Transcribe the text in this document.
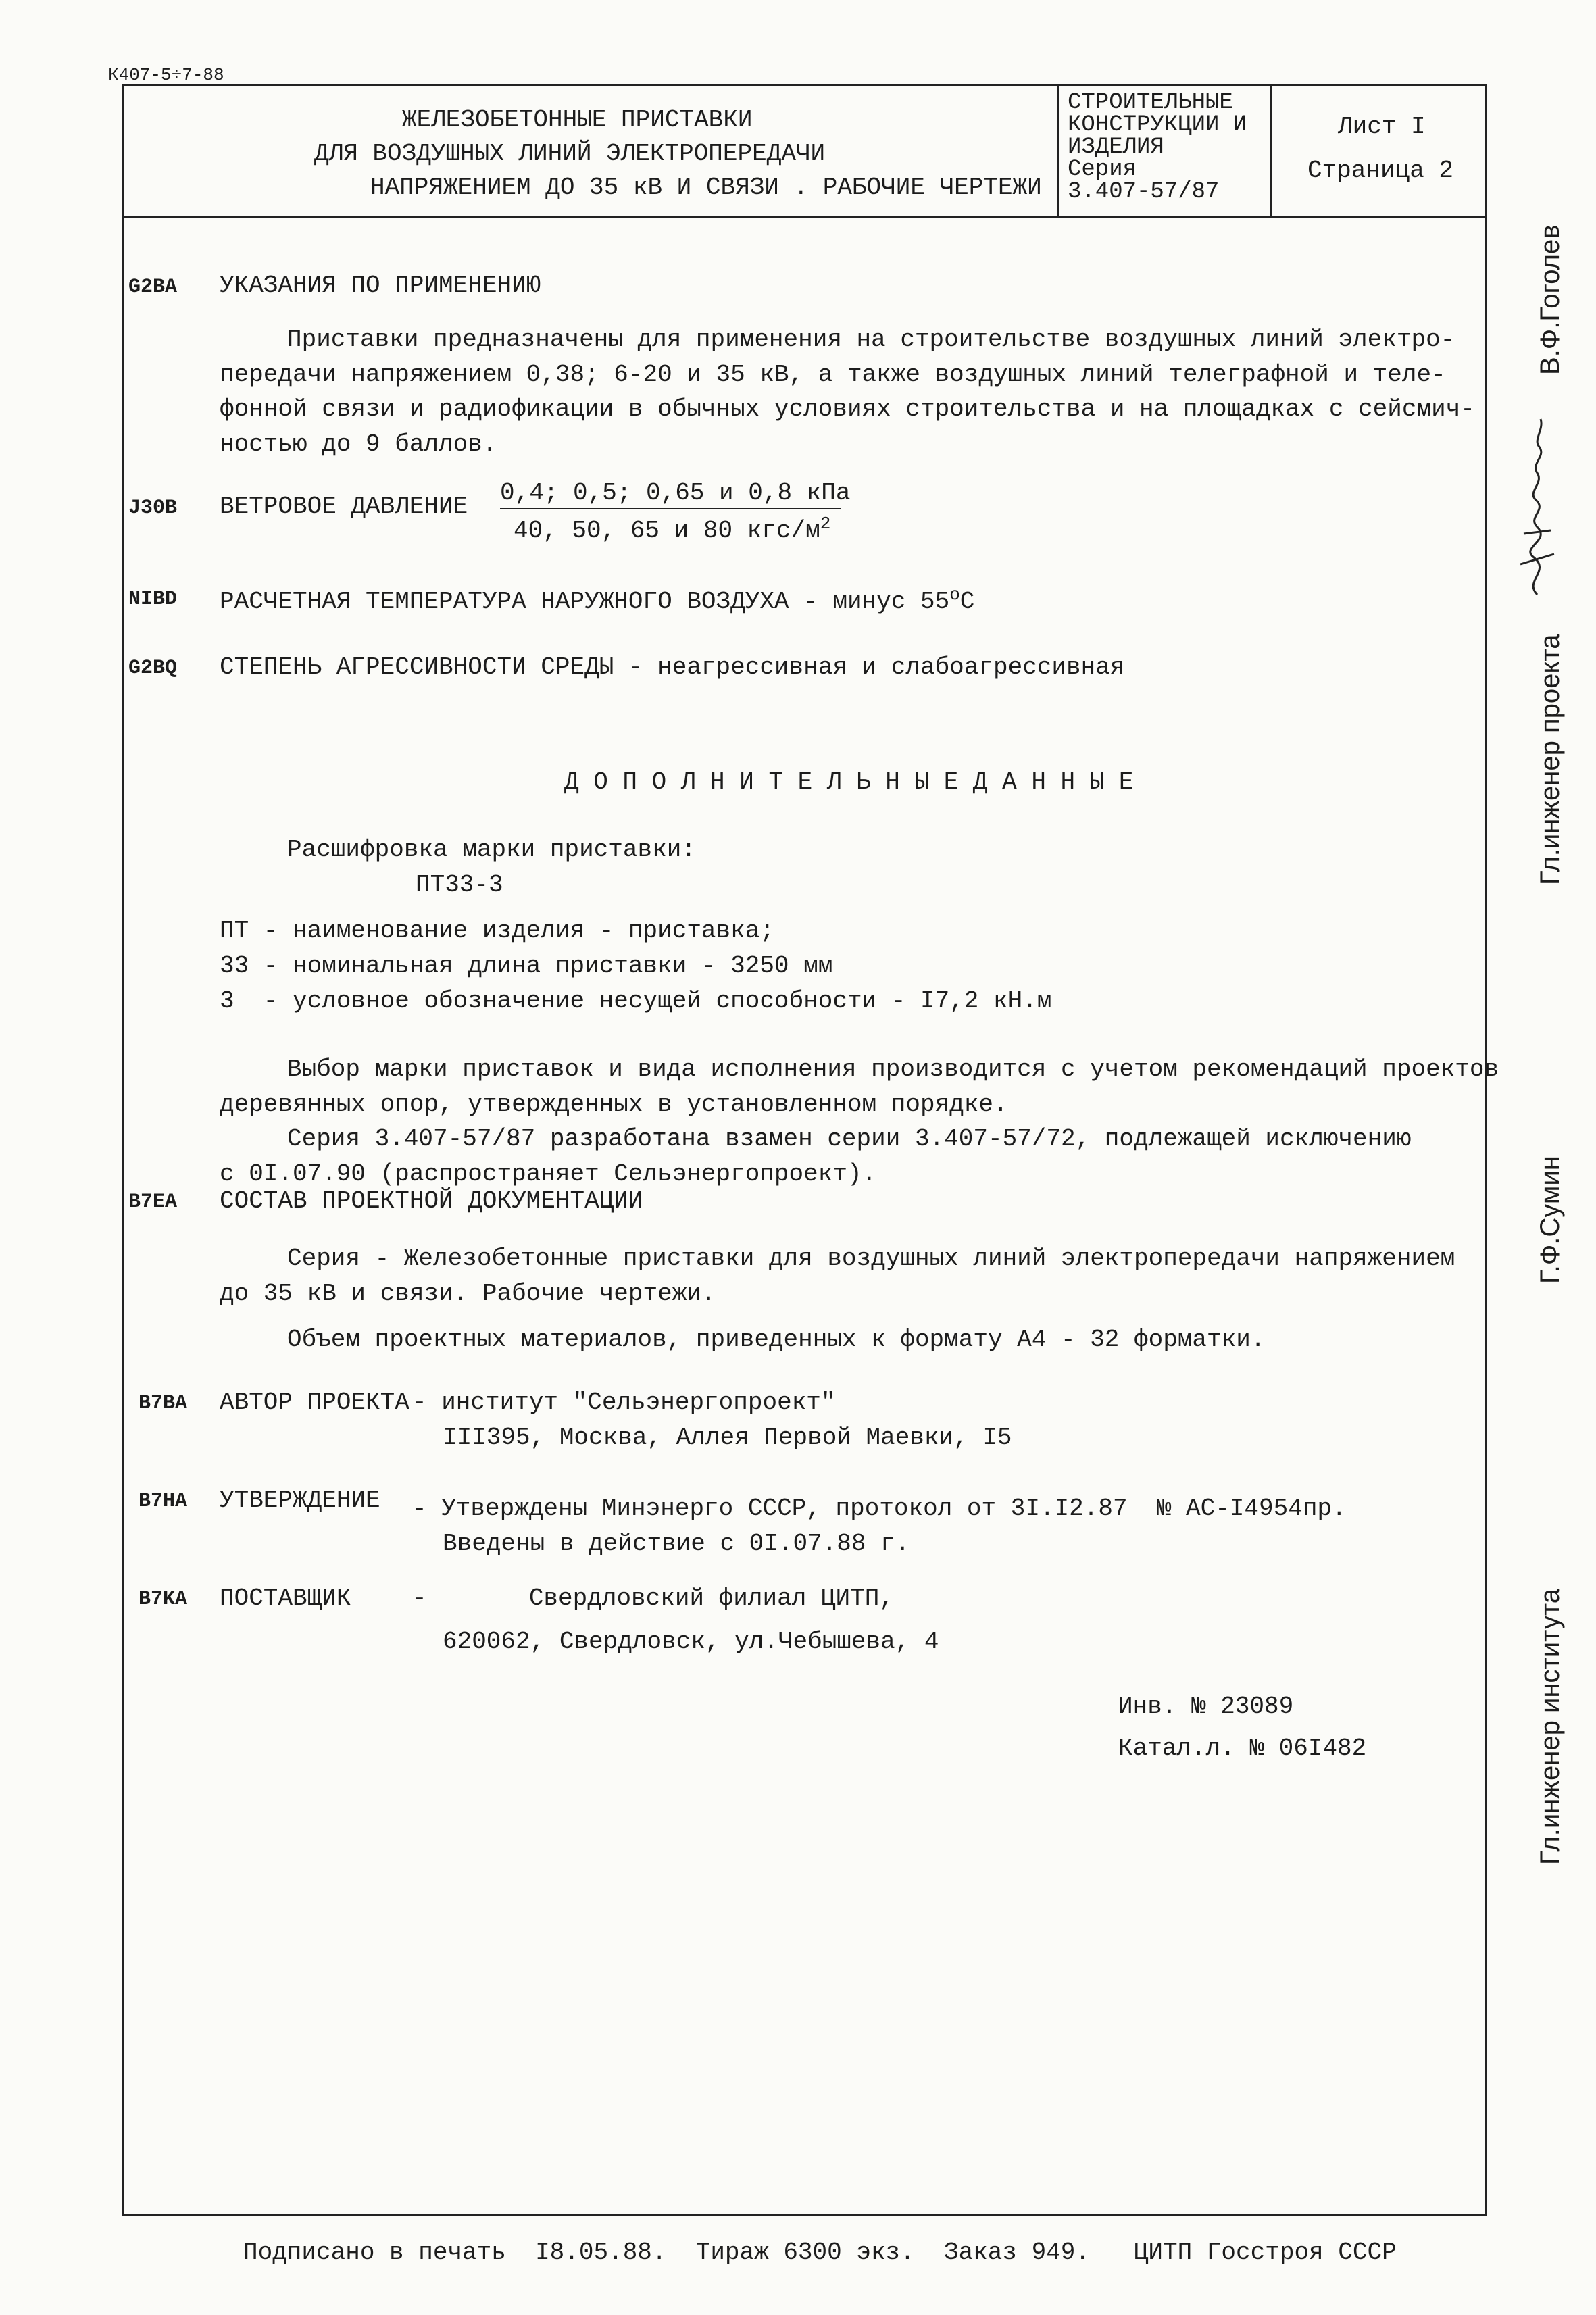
К407-5÷7-88
ЖЕЛЕЗОБЕТОННЫЕ ПРИСТАВКИ
ДЛЯ ВОЗДУШНЫХ ЛИНИЙ ЭЛЕКТРОПЕРЕДАЧИ
НАПРЯЖЕНИЕМ ДО 35 кВ И СВЯЗИ . РАБОЧИЕ ЧЕРТЕЖИ
СТРОИТЕЛЬНЫЕ
КОНСТРУКЦИИ И
ИЗДЕЛИЯ
Серия
3.407-57/87
Лист I
Страница 2
G2BA УКАЗАНИЯ ПО ПРИМЕНЕНИЮ
Приставки предназначены для применения на строительстве воздушных линий электро-
передачи напряжением 0,38; 6-20 и 35 кВ, а также воздушных линий телеграфной и теле-
фонной связи и радиофикации в обычных условиях строительства и на площадках с сейсмич-
ностью до 9 баллов.
J30B ВЕТРОВОЕ ДАВЛЕНИЕ 0,4; 0,5; 0,65 и 0,8 кПа
40, 50, 65 и 80 кгс/$м^2$
NIBD РАСЧЕТНАЯ ТЕМПЕРАТУРА НАРУЖНОГО ВОЗДУХА - минус $55^оС$
G2BQ СТЕПЕНЬ АГРЕССИВНОСТИ СРЕДЫ - неагрессивная и слабоагрессивная
Д О П О Л Н И Т Е Л Ь Н Ы Е Д А Н Н Ы Е
Расшифровка марки приставки:
ПТ33-3
ПТ - наименование изделия - приставка;
33 - номинальная длина приставки - 3250 мм
3  - условное обозначение несущей способности - I7,2 кН.м
Выбор марки приставок и вида исполнения производится с учетом рекомендаций проектов
деревянных опор, утвержденных в установленном порядке.
Серия 3.407-57/87 разработана взамен серии 3.407-57/72, подлежащей исключению
с 0I.07.90 (распространяет Сельэнергопроект).
B7EA СОСТАВ ПРОЕКТНОЙ ДОКУМЕНТАЦИИ
Серия - Железобетонные приставки для воздушных линий электропередачи напряжением
до 35 кВ и связи. Рабочие чертежи.
Объем проектных материалов, приведенных к формату А4 - 32 форматки.
B7BA АВТОР ПРОЕКТА - институт "Сельэнергопроект"
III395, Москва, Аллея Первой Маевки, I5
B7HA УТВЕРЖДЕНИЕ - Утверждены Минэнерго СССР, протокол от 3I.I2.87  № АС-I4954пр.
Введены в действие с 0I.07.88 г.
B7KA ПОСТАВЩИК	-       Свердловский филиал ЦИТП,
620062, Свердловск, ул.Чебышева, 4
Инв. № 23089
Катал.л. № 06I482
Гл.инженер проекта
В.Ф.Гоголев
Г.Ф.Сумин
Гл.инженер института
Подписано в печать  I8.05.88.  Тираж 6300 экз.  Заказ 949.   ЦИТП Госстроя СССР
